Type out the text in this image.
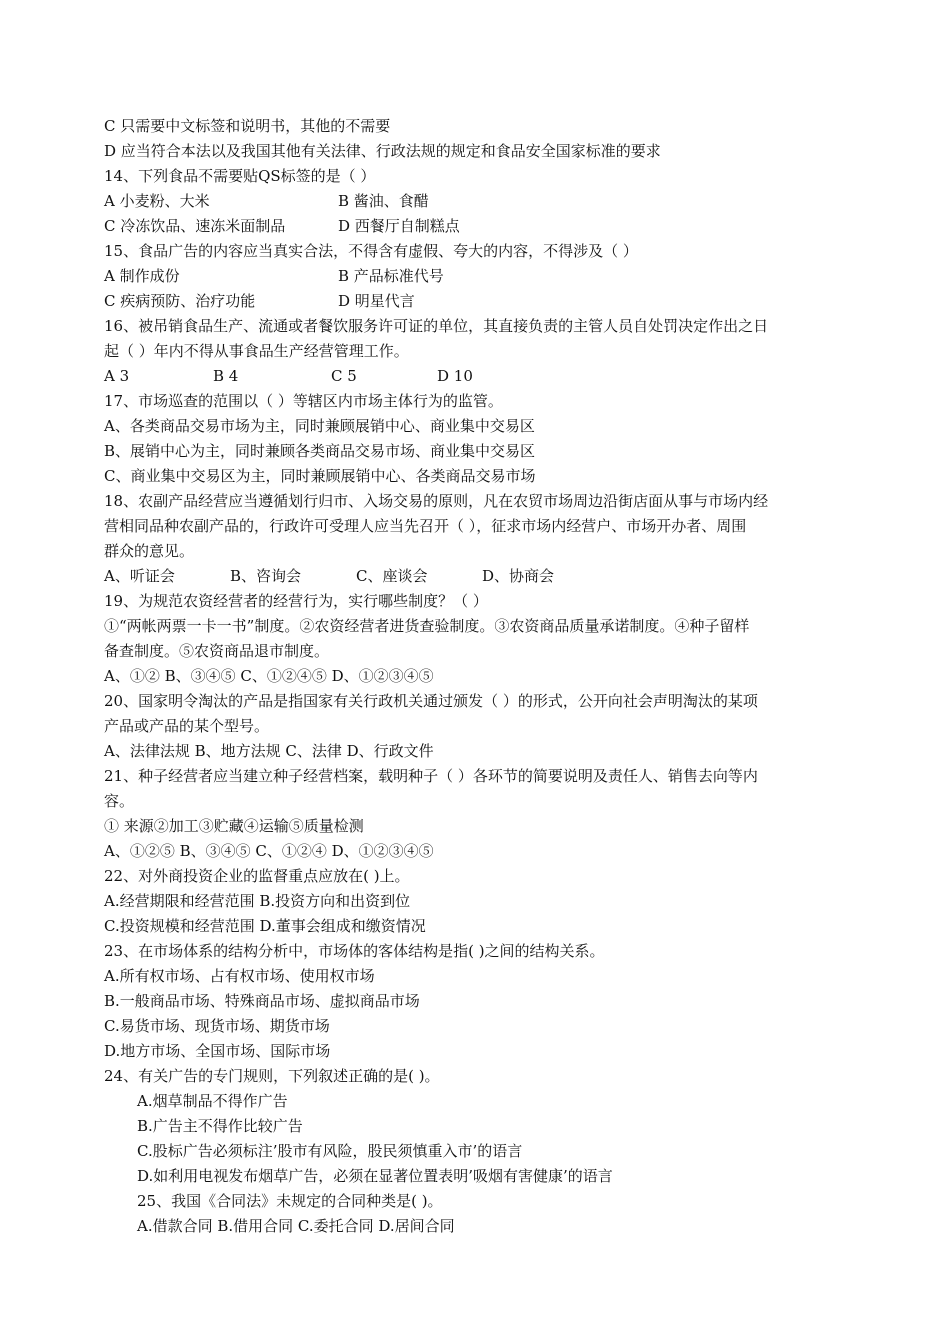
C 只需要中文标签和说明书，其他的不需要
D 应当符合本法以及我国其他有关法律、行政法规的规定和食品安全国家标准的要求
14、下列食品不需要贴QS标签的是（ ）
A 小麦粉、大米	B 酱油、食醋
C 冷冻饮品、速冻米面制品	D 西餐厅自制糕点
15、食品广告的内容应当真实合法，不得含有虚假、夸大的内容，不得涉及（ ）
A 制作成份	B 产品标准代号
C 疾病预防、治疗功能	D 明星代言
16、被吊销食品生产、流通或者餐饮服务许可证的单位，其直接负责的主管人员自处罚决定作出之日
起（ ）年内不得从事食品生产经营管理工作。
A 3	B 4	C 5	D 10
17、市场巡查的范围以（ ）等辖区内市场主体行为的监管。
A、各类商品交易市场为主，同时兼顾展销中心、商业集中交易区
B、展销中心为主，同时兼顾各类商品交易市场、商业集中交易区
C、商业集中交易区为主，同时兼顾展销中心、各类商品交易市场
18、农副产品经营应当遵循划行归市、入场交易的原则，凡在农贸市场周边沿街店面从事与市场内经
营相同品种农副产品的，行政许可受理人应当先召开（ ），征求市场内经营户、市场开办者、周围
群众的意见。
A、听证会	B、咨询会	C、座谈会	D、协商会
19、为规范农资经营者的经营行为，实行哪些制度？（ ）
①“两帐两票一卡一书”制度。②农资经营者进货查验制度。③农资商品质量承诺制度。④种子留样
备查制度。⑤农资商品退市制度。
A、①② B、③④⑤ C、①②④⑤ D、①②③④⑤
20、国家明令淘汰的产品是指国家有关行政机关通过颁发（ ）的形式，公开向社会声明淘汰的某项
产品或产品的某个型号。
A、法律法规 B、地方法规 C、法律 D、行政文件
21、种子经营者应当建立种子经营档案，载明种子（ ）各环节的简要说明及责任人、销售去向等内
容。
① 来源②加工③贮藏④运输⑤质量检测
A、①②⑤ B、③④⑤ C、①②④ D、①②③④⑤
22、对外商投资企业的监督重点应放在( )上。
A.经营期限和经营范围 B.投资方向和出资到位
C.投资规模和经营范围 D.董事会组成和缴资情况
23、在市场体系的结构分析中，市场体的客体结构是指( )之间的结构关系。
A.所有权市场、占有权市场、使用权市场
B.一般商品市场、特殊商品市场、虚拟商品市场
C.易货市场、现货市场、期货市场
D.地方市场、全国市场、国际市场
24、有关广告的专门规则，下列叙述正确的是( )。
A.烟草制品不得作广告
B.广告主不得作比较广告
C.股标广告必须标注’股市有风险，股民须慎重入市’的语言
D.如利用电视发布烟草广告，必须在显著位置表明’吸烟有害健康’的语言
25、我国《合同法》未规定的合同种类是( )。
A.借款合同 B.借用合同 C.委托合同 D.居间合同
